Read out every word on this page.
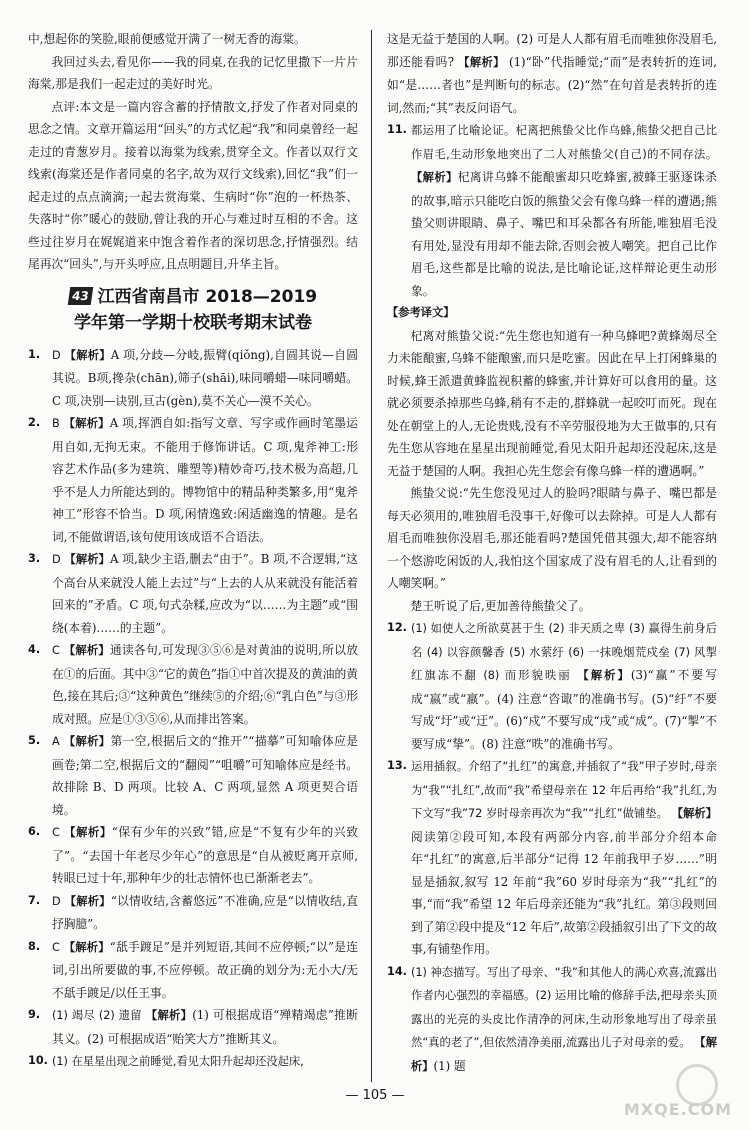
中,想起你的笑脸,眼前便感觉开满了一树无香的海棠。

我回过头去,看见你——我的同桌,在我的记忆里撒下一片片海棠,那是我们一起走过的美好时光。

点评:本文是一篇内容含蓄的抒情散文,抒发了作者对同桌的思念之情。文章开篇运用“回头”的方式忆起“我”和同桌曾经一起走过的青葱岁月。接着以海棠为线索,贯穿全文。作者以双行文线索(海棠还是作者同桌的名字,故为双行文线索),回忆“我”们一起走过的点点滴滴;一起去赏海棠、生病时“你”泡的一杯热茶、失落时“你”暖心的鼓励,曾让我的开心与难过时互相的不舍。这些过往岁月在娓娓道来中饱含着作者的深切思念,抒情强烈。结尾再次“回头”,与开头呼应,且点明题目,升华主旨。

43 江西省南昌市 2018—2019
学年第一学期十校联考期末试卷
1.	D 【解析】A 项,分歧—分岐,振臂(qiǒng),自圆其说—自圆其说。B项,搀杂(chān),筛子(shāi),味同嚼蜡—味同嚼蜡。C 项,决别—诀别,亘古(gèn),莫不关心—漠不关心。

2.	B 【解析】A 项,挥洒自如:指写文章、写字或作画时笔墨运用自如,无拘无束。不能用于修饰讲话。C 项,鬼斧神工:形容艺术作品(多为建筑、雕塑等)精妙奇巧,技术极为高超,几乎不是人力所能达到的。博物馆中的精品种类繁多,用“鬼斧神工”形容不恰当。D 项,闲情逸致:闲适幽逸的情趣。是名词,不能做谓语,该句使用该成语不合语法。

3.	D 【解析】A 项,缺少主语,删去“由于”。B 项,不合逻辑,“这个高台从来就没人能上去过”与“上去的人从来就没有能活着回来的”矛盾。C 项,句式杂糅,应改为“以……为主题”或“围绕(本着)……的主题”。

4.	C 【解析】通读各句,可发现③⑤⑥是对黄油的说明,所以放在①的后面。其中③“它的黄色”指①中首次提及的黄油的黄色,接在其后;③“这种黄色”继续⑤的介绍;⑥“乳白色”与③形成对照。应是①③⑤⑥,从而排出答案。

5.	A 【解析】第一空,根据后文的“推开”“描摹”可知喻体应是画卷;第二空,根据后文的“翻阅”“咀嚼”可知喻体应是经书。故排除 B、D 两项。比较 A、C 两项,显然 A 项更契合语境。

6.	C 【解析】“保有少年的兴致”错,应是“不复有少年的兴致了”。“去国十年老尽少年心”的意思是“自从被贬离开京师,转眼已过十年,那种年少的壮志情怀也已渐渐老去”。

7.	D 【解析】“以情收结,含蓄悠远”不准确,应是“以情收结,直抒胸臆”。

8.	C 【解析】“舐手踱足”是并列短语,其间不应停顿;“以”是连词,引出所要做的事,不应停顿。故正确的划分为:无小大/无不舐手踱足/以任王事。

9.	(1) 竭尽 (2) 遗留 【解析】(1) 可根据成语“殚精竭虑”推断其义。(2) 可根据成语“贻笑大方”推断其义。

10. (1) 在星星出现之前睡觉,看见太阳升起却还没起床,

这是无益于楚国的人啊。(2) 可是人人都有眉毛而唯独你没眉毛,那还能看吗? 【解析】 (1)“卧”代指睡觉;“而”是表转折的连词,如“是……者也”是判断句的标志。(2)“然”在句首是表转折的连词,然而;“其”表反问语气。

11. 都运用了比喻论证。杞离把熊蛰父比作乌蜂,熊蛰父把自己比作眉毛,生动形象地突出了二人对熊蛰父(自己)的不同存法。 【解析】杞离讲乌蜂不能酿蜜却只吃蜂蜜,被蜂王驱逐诛杀的故事,暗示只能吃白饭的熊蛰父会有像乌蜂一样的遭遇;熊蛰父则讲眼睛、鼻子、嘴巴和耳朵都各有所能,唯独眉毛没有用处,显没有用却不能去除,否则会被人嘲笑。把自己比作眉毛,这些都是比喻的说法,是比喻论证,这样辩论更生动形象。

【参考译文】

杞离对熊蛰父说:“先生您也知道有一种乌蜂吧?黄蜂竭尽全力未能酿蜜,乌蜂不能酿蜜,而只是吃蜜。因此在早上打闲蜂巢的时候,蜂王派遣黄蜂监视积蓄的蜂蜜,并计算好可以食用的量。这就必须要杀掉那些乌蜂,稍有不走的,群蜂就一起咬叮而死。现在处在朝堂上的人,无论贵贱,没有不辛劳服役地为大王做事的,只有先生您从容地在星星出现前睡觉,看见太阳升起却还没起床,这是无益于楚国的人啊。我担心先生您会有像乌蜂一样的遭遇啊。”

熊蛰父说:“先生您没见过人的脸吗?眼睛与鼻子、嘴巴都是每天必须用的,唯独眉毛没事干,好像可以去除掉。可是人人都有眉毛而唯独你没眉毛,那还能看吗?楚国凭借其强大,却不能容纳一个悠游吃闲饭的人,我怕这个国家成了没有眉毛的人,让看到的人嘲笑啊。”

楚王听说了后,更加善待熊蛰父了。

12. (1) 如使人之所欲莫甚于生 (2) 非天质之卑 (3) 赢得生前身后名 (4) 以容颜馨香 (5) 水萦纡 (6) 一抹晚烟荒戍垒 (7) 风掣红旗冻不翻 (8) 而形貌昳丽 【解析】(3)“赢”不要写成“嬴”或“羸”。(4) 注意“咨诹”的准确书写。(5)“纡”不要写成“圩”或“迂”。(6)“戍”不要写成“戌”或“成”。(7)“掣”不要写成“挚”。(8) 注意“昳”的准确书写。

13. 运用插叙。介绍了“扎红”的寓意,并插叙了“我”甲子岁时,母亲为“我”“扎红”,故而“我”希望母亲在 12 年后再给“我”扎红,为下文写“我”72 岁时母亲再次为“我”“扎红”做铺垫。 【解析】阅读第②段可知,本段有两部分内容,前半部分介绍本命年“扎红”的寓意,后半部分“记得 12 年前我甲子岁……”明显是插叙,叙写 12 年前“我”60 岁时母亲为“我”“扎红”的事,“而“我”希望 12 年后母亲还能为“我”扎红。第③段则回到了第②段中提及“12 年后”,故第②段插叙引出了下文的故事,有铺垫作用。

14. (1) 神态描写。写出了母亲、“我”和其他人的满心欢喜,流露出作者内心强烈的幸福感。(2) 运用比喻的修辞手法,把母亲头顶露出的光亮的头皮比作清净的河床,生动形象地写出了母亲虽然“真的老了”,但依然清净美丽,流露出儿子对母亲的爱。 【解析】(1) 题

— 105 —
MXQE.COM
